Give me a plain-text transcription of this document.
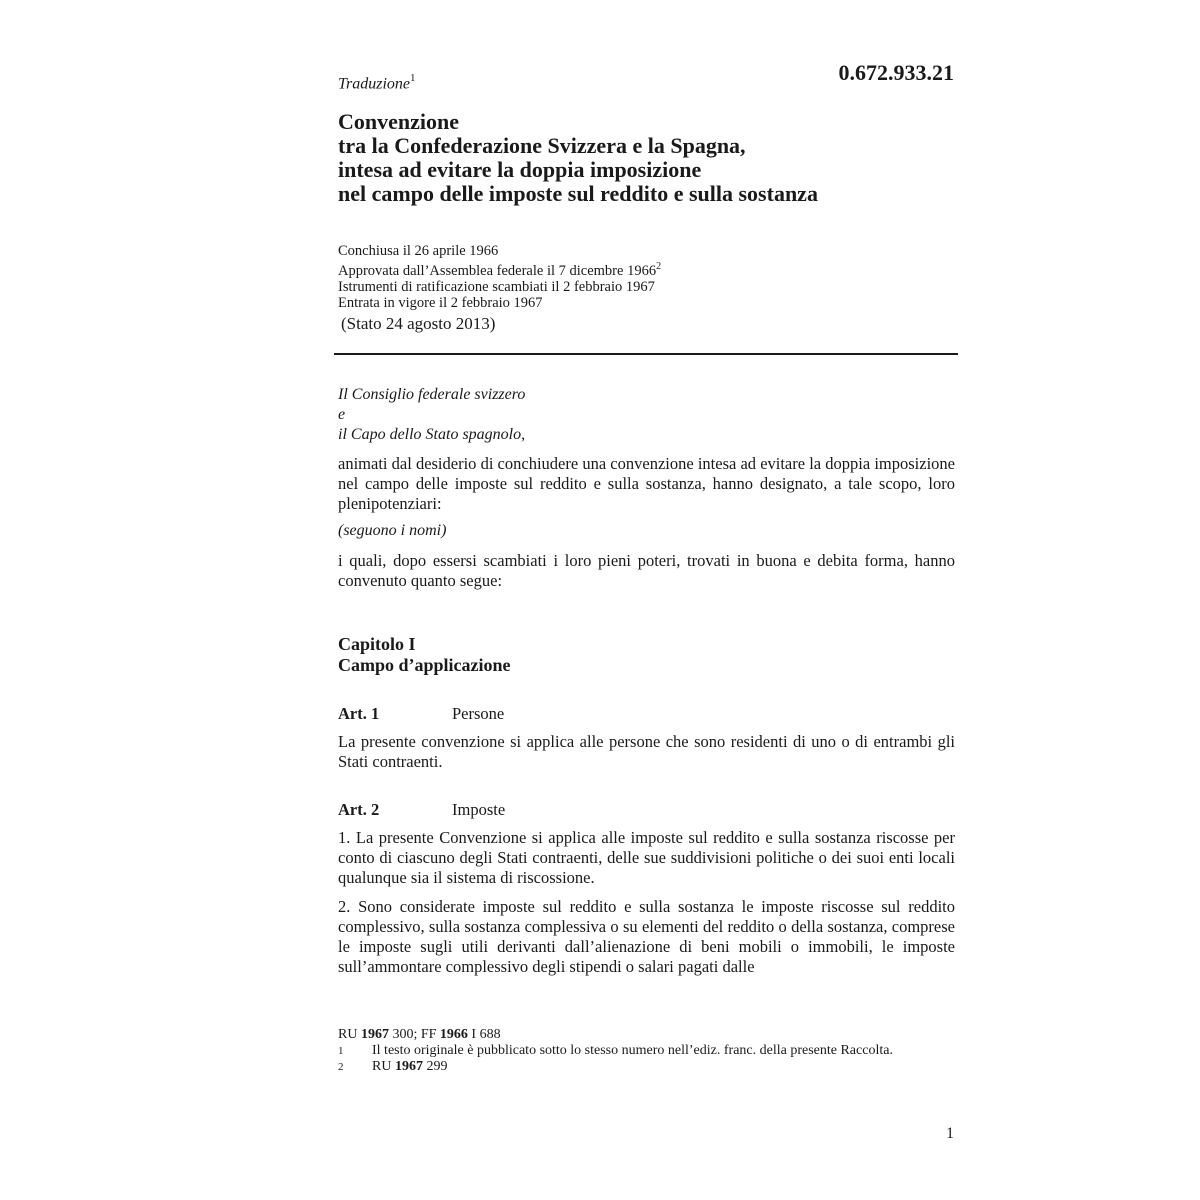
0.672.933.21
Traduzione$^1$
Convenzione
tra la Confederazione Svizzera e la Spagna,
intesa ad evitare la doppia imposizione
nel campo delle imposte sul reddito e sulla sostanza
Conchiusa il 26 aprile 1966
Approvata dall’Assemblea federale il 7 dicembre 1966$^2$
Istrumenti di ratificazione scambiati il 2 febbraio 1967
Entrata in vigore il 2 febbraio 1967
(Stato 24 agosto 2013)
Il Consiglio federale svizzero
e
il Capo dello Stato spagnolo,
animati dal desiderio di conchiudere una convenzione intesa ad evitare la doppia imposizione nel campo delle imposte sul reddito e sulla sostanza, hanno designato, a tale scopo, loro plenipotenziari:
(seguono i nomi)
i quali, dopo essersi scambiati i loro pieni poteri, trovati in buona e debita forma, hanno convenuto quanto segue:
Capitolo I
Campo d’applicazione
Art. 1	Persone
La presente convenzione si applica alle persone che sono residenti di uno o di entrambi gli Stati contraenti.
Art. 2	Imposte
1. La presente Convenzione si applica alle imposte sul reddito e sulla sostanza riscosse per conto di ciascuno degli Stati contraenti, delle sue suddivisioni politiche o dei suoi enti locali qualunque sia il sistema di riscossione.
2. Sono considerate imposte sul reddito e sulla sostanza le imposte riscosse sul reddito complessivo, sulla sostanza complessiva o su elementi del reddito o della sostanza, comprese le imposte sugli utili derivanti dall’alienazione di beni mobili o immobili, le imposte sull’ammontare complessivo degli stipendi o salari pagati dalle
RU 1967 300; FF 1966 I 688
1	Il testo originale è pubblicato sotto lo stesso numero nell’ediz. franc. della presente Raccolta.
2	RU 1967 299
1
